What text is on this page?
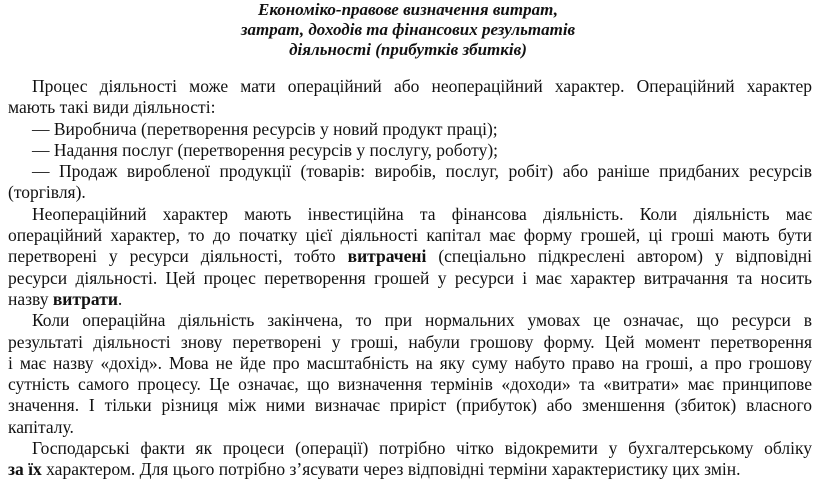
Економіко-правове визначення витрат,
затрат, доходів та фінансових результатів
діяльності (прибутків збитків)
Процес діяльності може мати операційний або неопераційний характер. Операційний характер
мають такі види діяльності:
— Виробнича (перетворення ресурсів у новий продукт праці);
— Надання послуг (перетворення ресурсів у послугу, роботу);
— Продаж виробленої продукції (товарів: виробів, послуг, робіт) або раніше придбаних ресурсів
(торгівля).
Неопераційний характер мають інвестиційна та фінансова діяльність. Коли діяльність має
операційний характер, то до початку цієї діяльності капітал має форму грошей, ці гроші мають бути
перетворені у ресурси діяльності, тобто витрачені (спеціально підкреслені автором) у відповідні
ресурси діяльності. Цей процес перетворення грошей у ресурси і має характер витрачання та носить
назву витрати.
Коли операційна діяльність закінчена, то при нормальних умовах це означає, що ресурси в
результаті діяльності знову перетворені у гроші, набули грошову форму. Цей момент перетворення
і має назву «дохід». Мова не йде про масштабність на яку суму набуто право на гроші, а про грошову
сутність самого процесу. Це означає, що визначення термінів «доходи» та «витрати» має принципове
значення. І тільки різниця між ними визначає приріст (прибуток) або зменшення (збиток) власного
капіталу.
Господарські факти як процеси (операції) потрібно чітко відокремити у бухгалтерському обліку
за їх характером. Для цього потрібно з’ясувати через відповідні терміни характеристику цих змін.
